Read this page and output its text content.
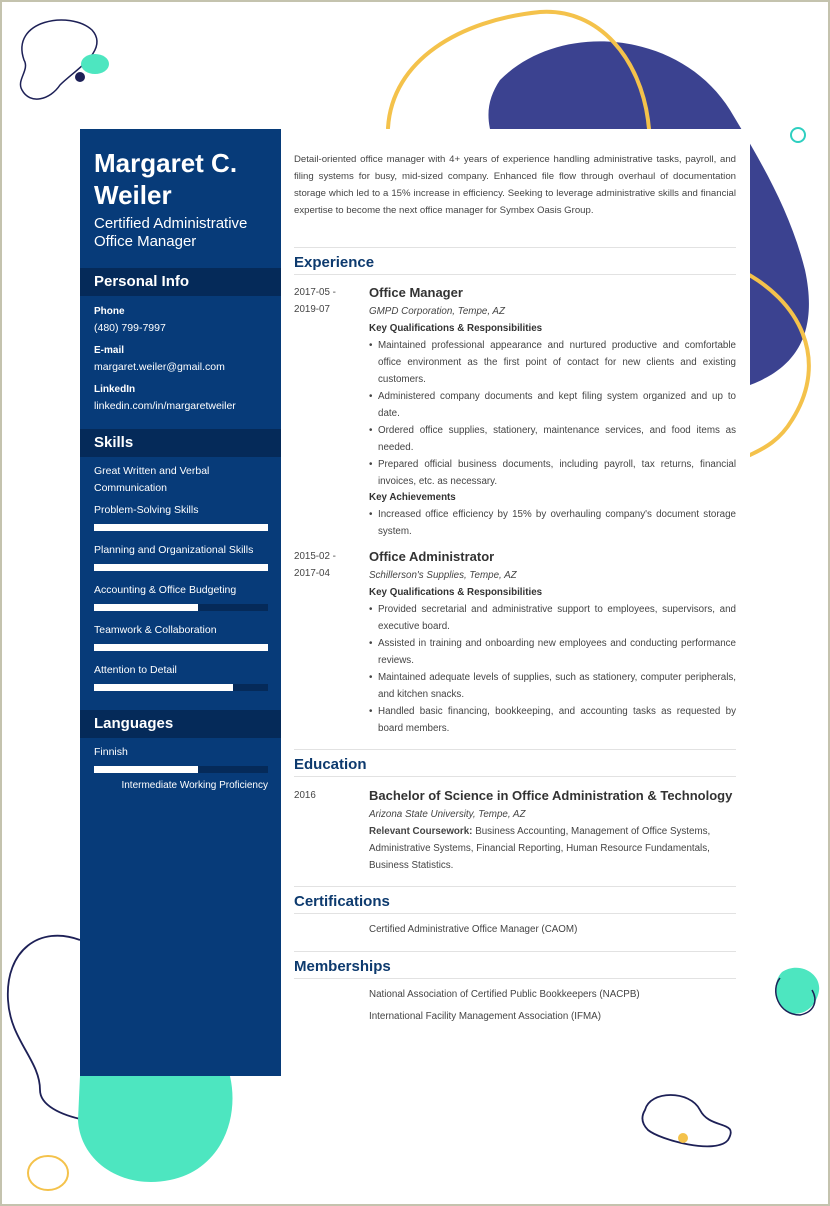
Margaret C. Weiler
Certified Administrative Office Manager
Personal Info
Phone
(480) 799-7997
E-mail
margaret.weiler@gmail.com
LinkedIn
linkedin.com/in/margaretweiler
Skills
Great Written and Verbal Communication
Problem-Solving Skills
Planning and Organizational Skills
Accounting & Office Budgeting
Teamwork & Collaboration
Attention to Detail
Languages
Finnish
Intermediate Working Proficiency

Detail-oriented office manager with 4+ years of experience handling administrative tasks, payroll, and filing systems for busy, mid-sized company. Enhanced file flow through overhaul of documentation storage which led to a 15% increase in efficiency. Seeking to leverage administrative skills and financial expertise to become the next office manager for Symbex Oasis Group.

Experience
2017-05 -
2019-07
Office Manager
GMPD Corporation, Tempe, AZ
Key Qualifications & Responsibilities
• Maintained professional appearance and nurtured productive and comfortable office environment as the first point of contact for new clients and existing customers.
• Administered company documents and kept filing system organized and up to date.
• Ordered office supplies, stationery, maintenance services, and food items as needed.
• Prepared official business documents, including payroll, tax returns, financial invoices, etc. as necessary.
Key Achievements
• Increased office efficiency by 15% by overhauling company's document storage system.
2015-02 -
2017-04
Office Administrator
Schillerson's Supplies, Tempe, AZ
Key Qualifications & Responsibilities
• Provided secretarial and administrative support to employees, supervisors, and executive board.
• Assisted in training and onboarding new employees and conducting performance reviews.
• Maintained adequate levels of supplies, such as stationery, computer peripherals, and kitchen snacks.
• Handled basic financing, bookkeeping, and accounting tasks as requested by board members.
Education
2016	Bachelor of Science in Office Administration & Technology
Arizona State University, Tempe, AZ
Relevant Coursework: Business Accounting, Management of Office Systems, Administrative Systems, Financial Reporting, Human Resource Fundamentals, Business Statistics.
Certifications
Certified Administrative Office Manager (CAOM)
Memberships
National Association of Certified Public Bookkeepers (NACPB)
International Facility Management Association (IFMA)
